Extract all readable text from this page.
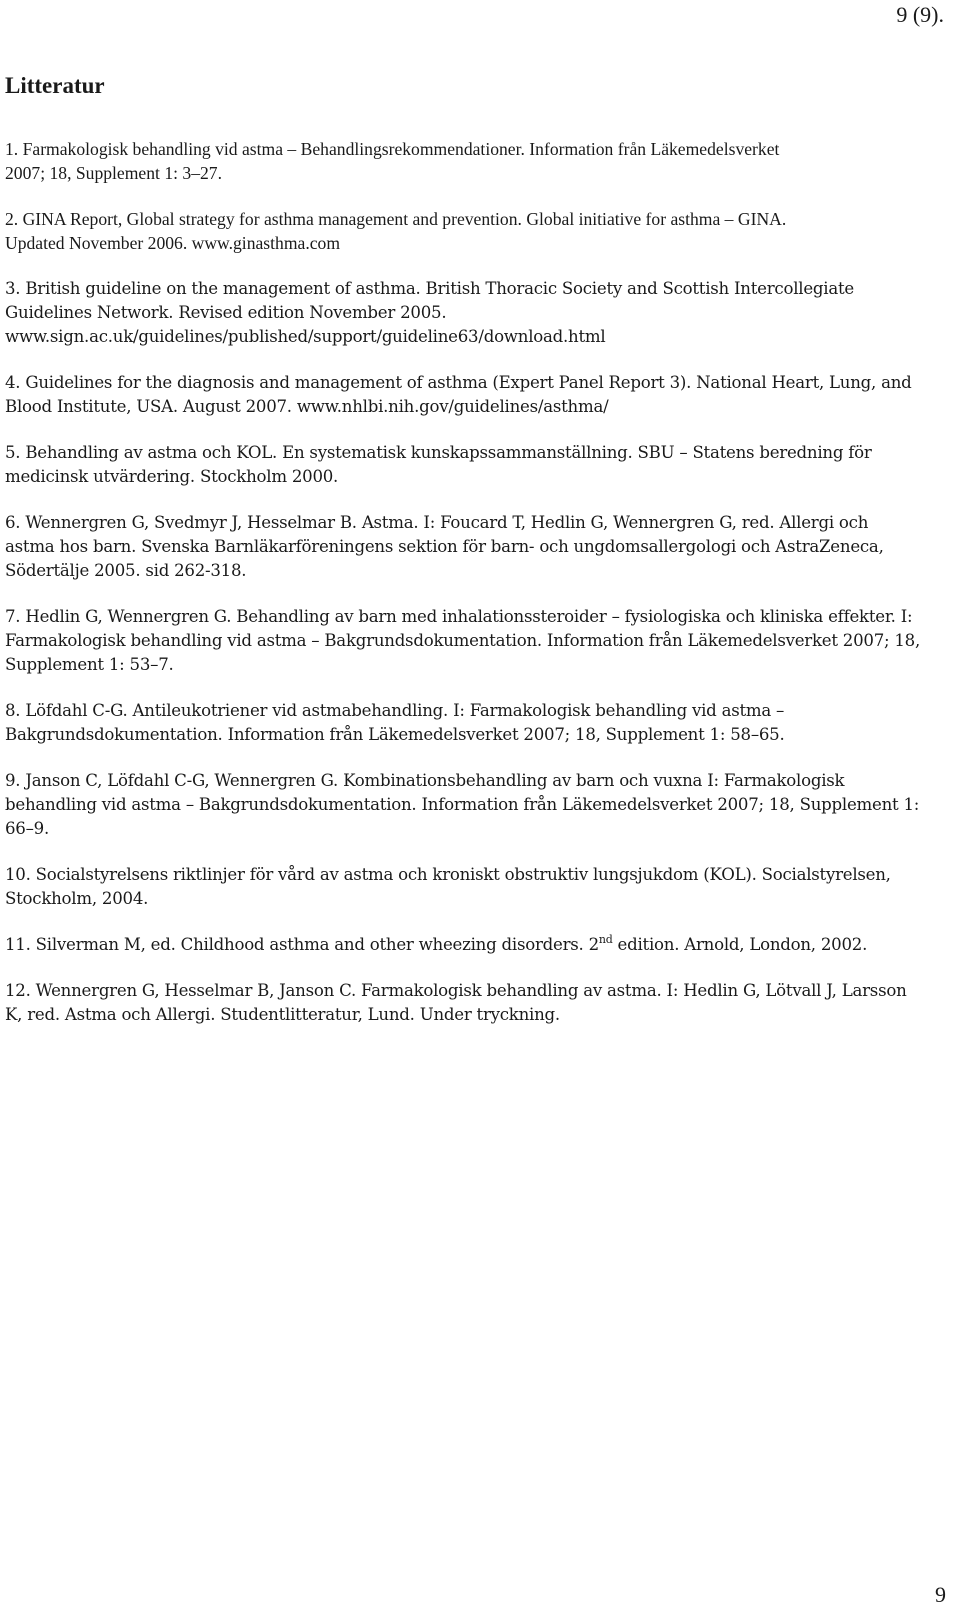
9 (9).
Litteratur
1. Farmakologisk behandling vid astma – Behandlingsrekommendationer. Information från Läkemedelsverket
2007; 18, Supplement 1: 3–27.
2. GINA Report, Global strategy for asthma management and prevention. Global initiative for asthma – GINA.
Updated November 2006. www.ginasthma.com
3. British guideline on the management of asthma. British Thoracic Society and Scottish Intercollegiate
Guidelines Network. Revised edition November 2005.
www.sign.ac.uk/guidelines/published/support/guideline63/download.html
4. Guidelines for the diagnosis and management of asthma (Expert Panel Report 3). National Heart, Lung, and
Blood Institute, USA. August 2007. www.nhlbi.nih.gov/guidelines/asthma/
5. Behandling av astma och KOL. En systematisk kunskapssammanställning. SBU – Statens beredning för
medicinsk utvärdering. Stockholm 2000.
6. Wennergren G, Svedmyr J, Hesselmar B. Astma. I: Foucard T, Hedlin G, Wennergren G, red. Allergi och
astma hos barn. Svenska Barnläkarföreningens sektion för barn- och ungdomsallergologi och AstraZeneca,
Södertälje 2005. sid 262-318.
7. Hedlin G, Wennergren G. Behandling av barn med inhalationssteroider – fysiologiska och kliniska effekter. I:
Farmakologisk behandling vid astma – Bakgrundsdokumentation. Information från Läkemedelsverket 2007; 18,
Supplement 1: 53–7.
8. Löfdahl C-G. Antileukotriener vid astmabehandling. I: Farmakologisk behandling vid astma –
Bakgrundsdokumentation. Information från Läkemedelsverket 2007; 18, Supplement 1: 58–65.
9. Janson C, Löfdahl C-G, Wennergren G. Kombinationsbehandling av barn och vuxna I: Farmakologisk
behandling vid astma – Bakgrundsdokumentation. Information från Läkemedelsverket 2007; 18, Supplement 1:
66–9.
10. Socialstyrelsens riktlinjer för vård av astma och kroniskt obstruktiv lungsjukdom (KOL). Socialstyrelsen,
Stockholm, 2004.
11. Silverman M, ed. Childhood asthma and other wheezing disorders. 2nd edition. Arnold, London, 2002.
12. Wennergren G, Hesselmar B, Janson C. Farmakologisk behandling av astma. I: Hedlin G, Lötvall J, Larsson
K, red. Astma och Allergi. Studentlitteratur, Lund. Under tryckning.
9
